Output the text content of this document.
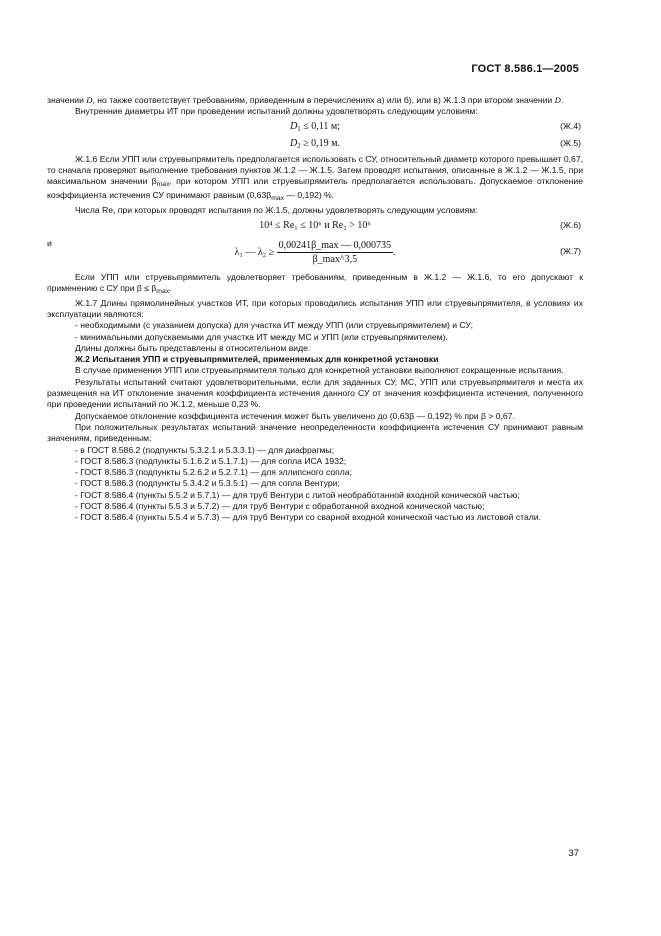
ГОСТ 8.586.1—2005

значении D, но также соответствует требованиям, приведенным в перечислениях а) или б), или в) Ж.1.3 при втором значении D.

Внутренние диаметры ИТ при проведении испытаний должны удовлетворять следующим условиям:

$D_1 \le 0,11$ м;	(Ж.4)
$D_2 \ge 0,19$ м.	(Ж.5)

Ж.1.6 Если УПП или струевыпрямитель предполагается использовать с СУ, относительный диаметр которого превышает 0,67, то сначала проверяют выполнение требования пунктов Ж.1.2 — Ж.1.5. Затем проводят испытания, описанные в Ж.1.2 — Ж.1.5, при максимальном значении $\beta_{max}$, при котором УПП или струевыпрямитель предполагается использовать. Допускаемое отклонение коэффициента истечения СУ принимают равным ($0,63\beta_{max}$ — 0,192) %.

Числа Re, при которых проводят испытания по Ж.1.5, должны удовлетворять следующим условиям:

10⁴ ≤ Re₁ ≤ 10⁶ и Re₂ > 10⁶	(Ж.6)
и
λ₁ — $\lambda_2 \ge \frac{0,00241\beta\_\max — 0,000735}{\beta\_\max\^{}3,5}$ .	(Ж.7)

Если УПП или струевыпрямитель удовлетворяет требованиям, приведенным в Ж.1.2 — Ж.1.6, то его допускают к применению с СУ при $\beta \le \beta_{max}$.

Ж.1.7 Длины прямолинейных участков ИТ, при которых проводились испытания УПП или струевыпрямителя, в условиях их эксплуатации являются:

- необходимыми (с указанием допуска) для участка ИТ между УПП (или струевыпрямителем) и СУ;

- минимальными допускаемыми для участка ИТ между МС и УПП (или струевыпрямителем).

Длины должны быть представлены в относительном виде.

Ж.2 Испытания УПП и струевыпрямителей, применяемых для конкретной установки

В случае применения УПП или струевыпрямителя только для конкретной установки выполняют сокращенные испытания.

Результаты испытаний считают удовлетворительными, если для заданных СУ, МС, УПП или струевыпрямителя и места их размещения на ИТ отклонение значения коэффициента истечения данного СУ от значения коэффициента истечения, полученного при проведении испытаний по Ж.1.2, меньше 0,23 %.

Допускаемое отклонение коэффициента истечения может быть увеличено до (0,63β — 0,192) % при β > 0,67.

При положительных результатах испытаний значение неопределенности коэффициента истечения СУ принимают равным значениям, приведенным:

- в ГОСТ 8.586.2 (подпункты 5.3.2.1 и 5.3.3.1) — для диафрагмы;

- ГОСТ 8.586.3 (подпункты 5.1.6.2 и 5.1.7.1) — для сопла ИСА 1932;

- ГОСТ 8.586.3 (подпункты 5.2.6.2 и 5.2.7.1) — для эллипсного сопла;

- ГОСТ 8.586.3 (подпункты 5.3.4.2 и 5.3.5.1) — для сопла Вентури;

- ГОСТ 8.586.4 (пункты 5.5.2 и 5.7.1) — для труб Вентури с литой необработанной входной конической частью;

- ГОСТ 8.586.4 (пункты 5.5.3 и 5.7.2) — для труб Вентури с обработанной входной конической частью;

- ГОСТ 8.586.4 (пункты 5.5.4 и 5.7.3) — для труб Вентури со сварной входной конической частью из листовой стали.

37
